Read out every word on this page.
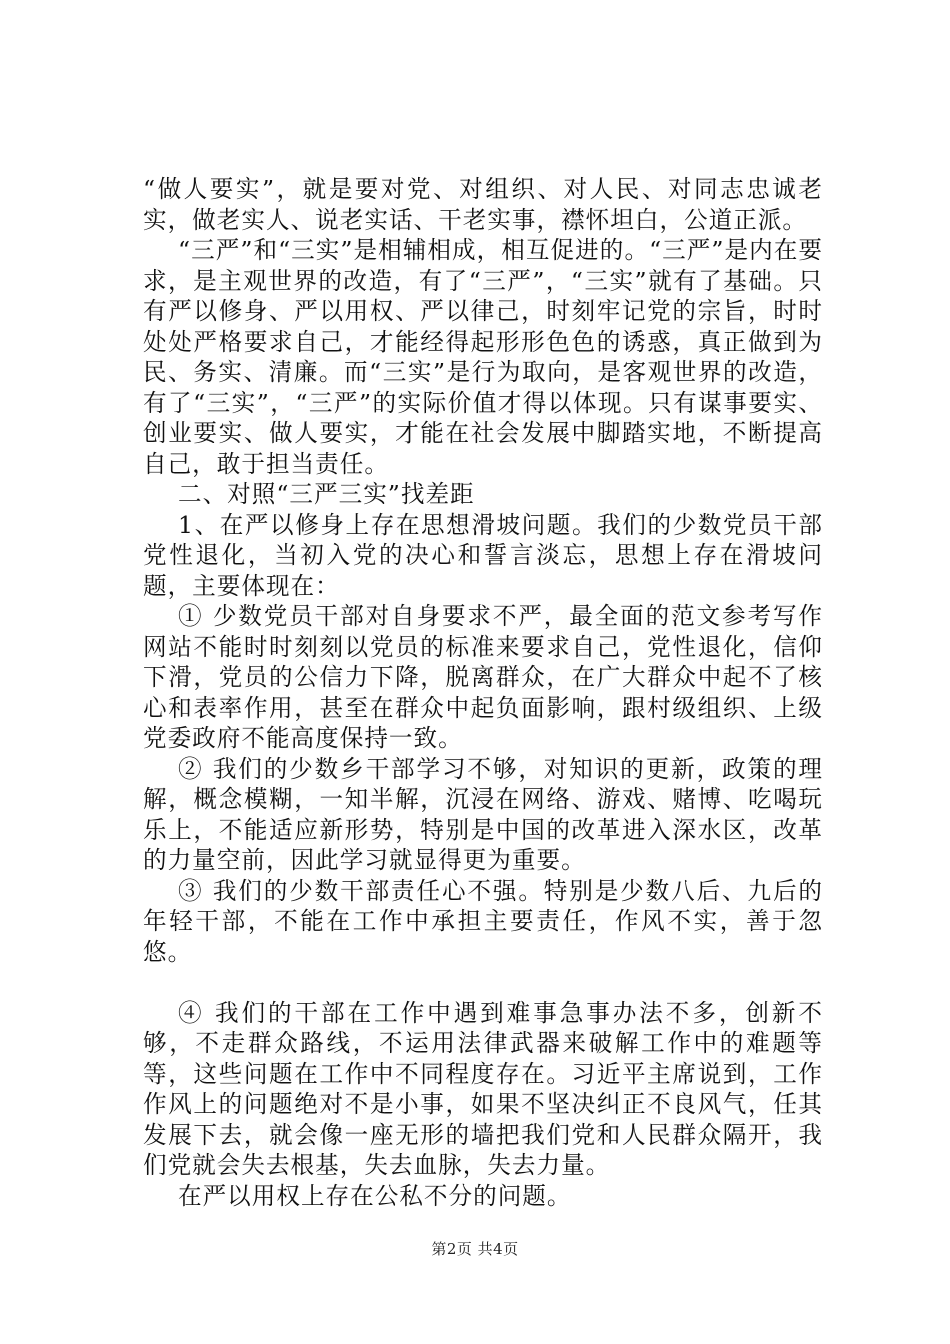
“做人要实”，就是要对党、对组织、对人民、对同志忠诚老实，做老实人、说老实话、干老实事，襟怀坦白，公道正派。

“三严”和“三实”是相辅相成，相互促进的。“三严”是内在要求，是主观世界的改造，有了“三严”，“三实”就有了基础。只有严以修身、严以用权、严以律己，时刻牢记党的宗旨，时时处处严格要求自己，才能经得起形形色色的诱惑，真正做到为民、务实、清廉。而“三实”是行为取向，是客观世界的改造，有了“三实”，“三严”的实际价值才得以体现。只有谋事要实、创业要实、做人要实，才能在社会发展中脚踏实地，不断提高自己，敢于担当责任。

二、对照“三严三实”找差距

1、在严以修身上存在思想滑坡问题。我们的少数党员干部党性退化，当初入党的决心和誓言淡忘，思想上存在滑坡问题，主要体现在：

① 少数党员干部对自身要求不严，最全面的范文参考写作网站不能时时刻刻以党员的标准来要求自己，党性退化，信仰下滑，党员的公信力下降，脱离群众，在广大群众中起不了核心和表率作用，甚至在群众中起负面影响，跟村级组织、上级党委政府不能高度保持一致。

② 我们的少数乡干部学习不够，对知识的更新，政策的理解，概念模糊，一知半解，沉浸在网络、游戏、赌博、吃喝玩乐上，不能适应新形势，特别是中国的改革进入深水区，改革的力量空前，因此学习就显得更为重要。

③ 我们的少数干部责任心不强。特别是少数八后、九后的年轻干部，不能在工作中承担主要责任，作风不实，善于忽悠。

④ 我们的干部在工作中遇到难事急事办法不多，创新不够，不走群众路线，不运用法律武器来破解工作中的难题等等，这些问题在工作中不同程度存在。习近平主席说到，工作作风上的问题绝对不是小事，如果不坚决纠正不良风气，任其发展下去，就会像一座无形的墙把我们党和人民群众隔开，我们党就会失去根基，失去血脉，失去力量。

在严以用权上存在公私不分的问题。

第2页 共4页
